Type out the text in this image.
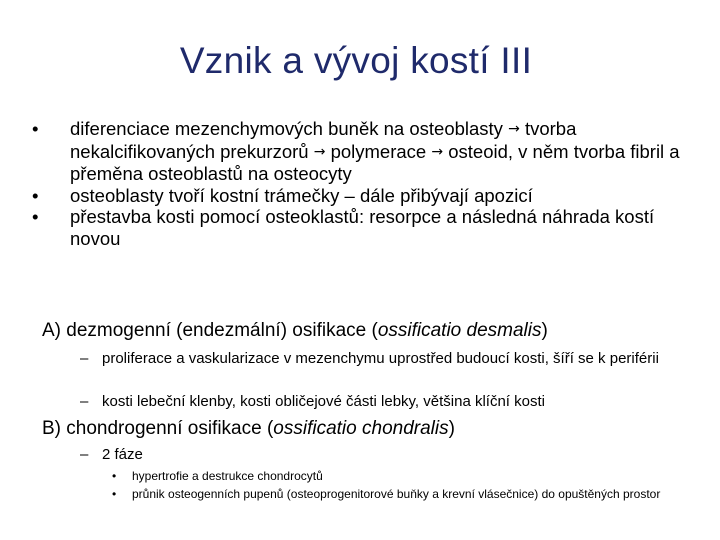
Vznik a vývoj kostí III
• diferenciace mezenchymových buněk na osteoblasty → tvorba nekalcifikovaných prekurzorů → polymerace → osteoid, v něm tvorba fibril a přeměna osteoblastů na osteocyty
• osteoblasty tvoří kostní trámečky – dále přibývají apozicí
• přestavba kosti pomocí osteoklastů: resorpce a následná náhrada kostí novou
A) dezmogenní (endezmální) osifikace (ossificatio desmalis)
– proliferace a vaskularizace v mezenchymu uprostřed budoucí kosti, šíří se k periférii
– kosti lebeční klenby, kosti obličejové části lebky, většina klíční kosti
B) chondrogenní osifikace (ossificatio chondralis)
– 2 fáze
•	hypertrofie a destrukce chondrocytů
•	průnik osteogenních pupenů (osteoprogenitorové buňky a krevní vlásečnice) do opuštěných prostor
